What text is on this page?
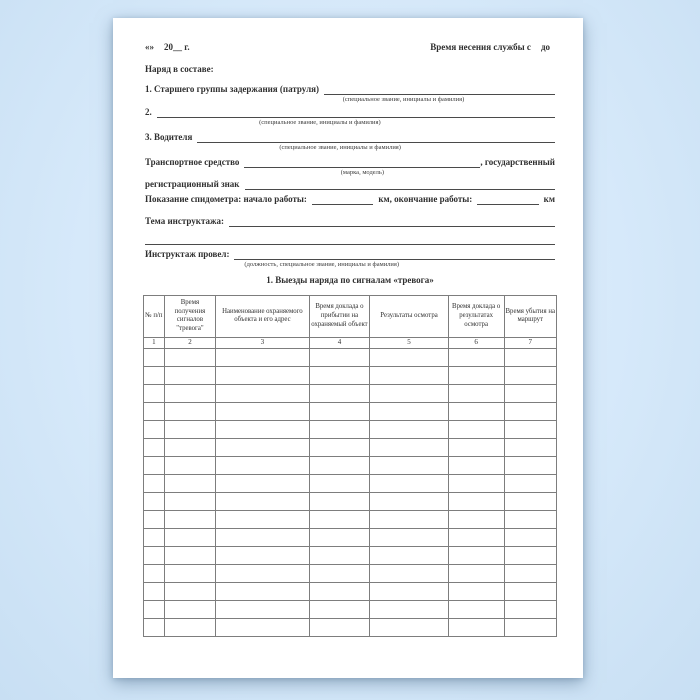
« » 20__ г.	Время несения службы с до
Наряд в составе:
1. Старшего группы задержания (патруля)
(специальное звание, инициалы и фамилия)
2.
(специальное звание, инициалы и фамилия)
3. Водителя
(специальное звание, инициалы и фамилия)
Транспортное средство
(марка, модель)
, государственный
регистрационный знак
Показание спидометра: начало работы:	км, окончание работы:	км
Тема инструктажа:
Инструктаж провел:
(должность, специальное звание, инициалы и фамилия)
1. Выезды наряда по сигналам «тревога»
№ п/п	Время получения сигналов "тревога"	Наименование охраняемого объекта и его адрес	Время доклада о прибытии на охраняемый объект	Результаты осмотра	Время доклада о результатах осмотра	Время убытия на маршрут
1	2	3	4	5	6	7
